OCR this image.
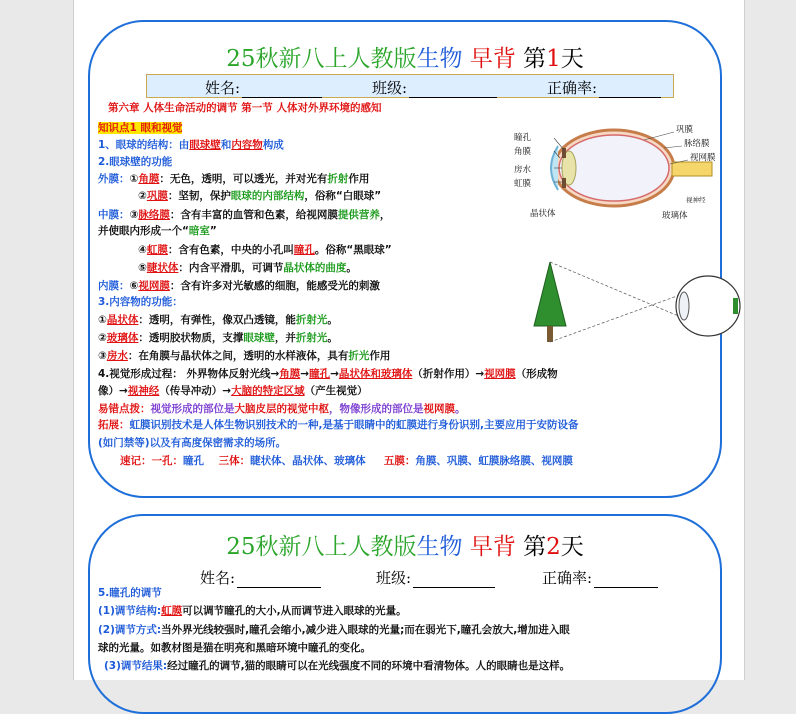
25秋新八上人教版生物 早背 第1天
姓名:	班级:	正确率:
第六章 人体生命活动的调节 第一节 人体对外界环境的感知
知识点1 眼和视觉
1、眼球的结构：由眼球壁和内容物构成
2.眼球壁的功能
外膜：①角膜：无色，透明，可以透光，并对光有折射作用
②巩膜：坚韧，保护眼球的内部结构，俗称“白眼球”
中膜：③脉络膜：含有丰富的血管和色素，给视网膜提供营养，
并使眼内形成一个“暗室”
④虹膜：含有色素，中央的小孔叫瞳孔。俗称“黑眼球”
⑤睫状体：内含平滑肌，可调节晶状体的曲度。
内膜：⑥视网膜：含有许多对光敏感的细胞，能感受光的刺激
3.内容物的功能：
①晶状体：透明，有弹性，像双凸透镜，能折射光。
②玻璃体：透明胶状物质，支撑眼球壁，并折射光。
③房水：在角膜与晶状体之间，透明的水样液体，具有折光作用
4.视觉形成过程： 外界物体反射光线→角膜→瞳孔→晶状体和玻璃体（折射作用）→视网膜（形成物
像）→视神经（传导冲动）→大脑的特定区域（产生视觉）
易错点拨：视觉形成的部位是大脑皮层的视觉中枢，物像形成的部位是视网膜。
拓展：虹膜识别技术是人体生物识别技术的一种,是基于眼睛中的虹膜进行身份识别,主要应用于安防设备
(如门禁等)以及有高度保密需求的场所。
速记：一孔：瞳孔 三体：睫状体、晶状体、玻璃体 五膜：角膜、巩膜、虹膜脉络膜、视网膜
瞳孔
角膜
房水
虹膜
晶状体
巩膜
脉络膜
视网膜
视神经
玻璃体
25秋新八上人教版生物 早背 第2天
姓名:	班级:	正确率:
5.瞳孔的调节
(1)调节结构:虹膜可以调节瞳孔的大小,从而调节进入眼球的光量。
(2)调节方式:当外界光线较强时,瞳孔会缩小,减少进入眼球的光量;而在弱光下,瞳孔会放大,增加进入眼
球的光量。如教材图是猫在明亮和黑暗环境中瞳孔的变化。
(3)调节结果:经过瞳孔的调节,猫的眼睛可以在光线强度不同的环境中看清物体。人的眼睛也是这样。
